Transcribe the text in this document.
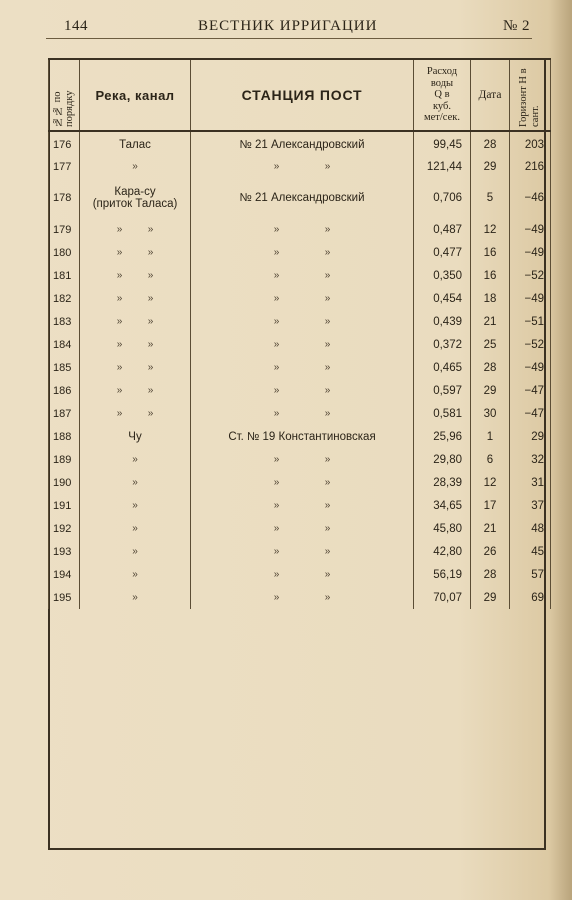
144	ВЕСТНИК ИРРИГАЦИИ	№ 2
№№ по порядку	Река, канал	СТАНЦИЯ ПОСТ	Расход
воды
Q в
куб.
мет/сек.	Дата	Горизонт H в сант.

176	Талас	№ 21 Александровский	99,45	28	203
177	»	» »	121,44	29	216
178	Кара-су
(приток Таласа)	№ 21 Александровский	0,706	5	−46
179	» »	» »	0,487	12	−49
180	» »	» »	0,477	16	−49
181	» »	» »	0,350	16	−52
182	» »	» »	0,454	18	−49
183	» »	» »	0,439	21	−51
184	» »	» »	0,372	25	−52
185	» »	» »	0,465	28	−49
186	» »	» »	0,597	29	−47
187	» »	» »	0,581	30	−47
188	Чу	Ст. № 19 Константиновская	25,96	1	29
189	»	» »	29,80	6	32
190	»	» »	28,39	12	31
191	»	» »	34,65	17	37
192	»	» »	45,80	21	48
193	»	» »	42,80	26	45
194	»	» »	56,19	28	57
195	»	» »	70,07	29	69
